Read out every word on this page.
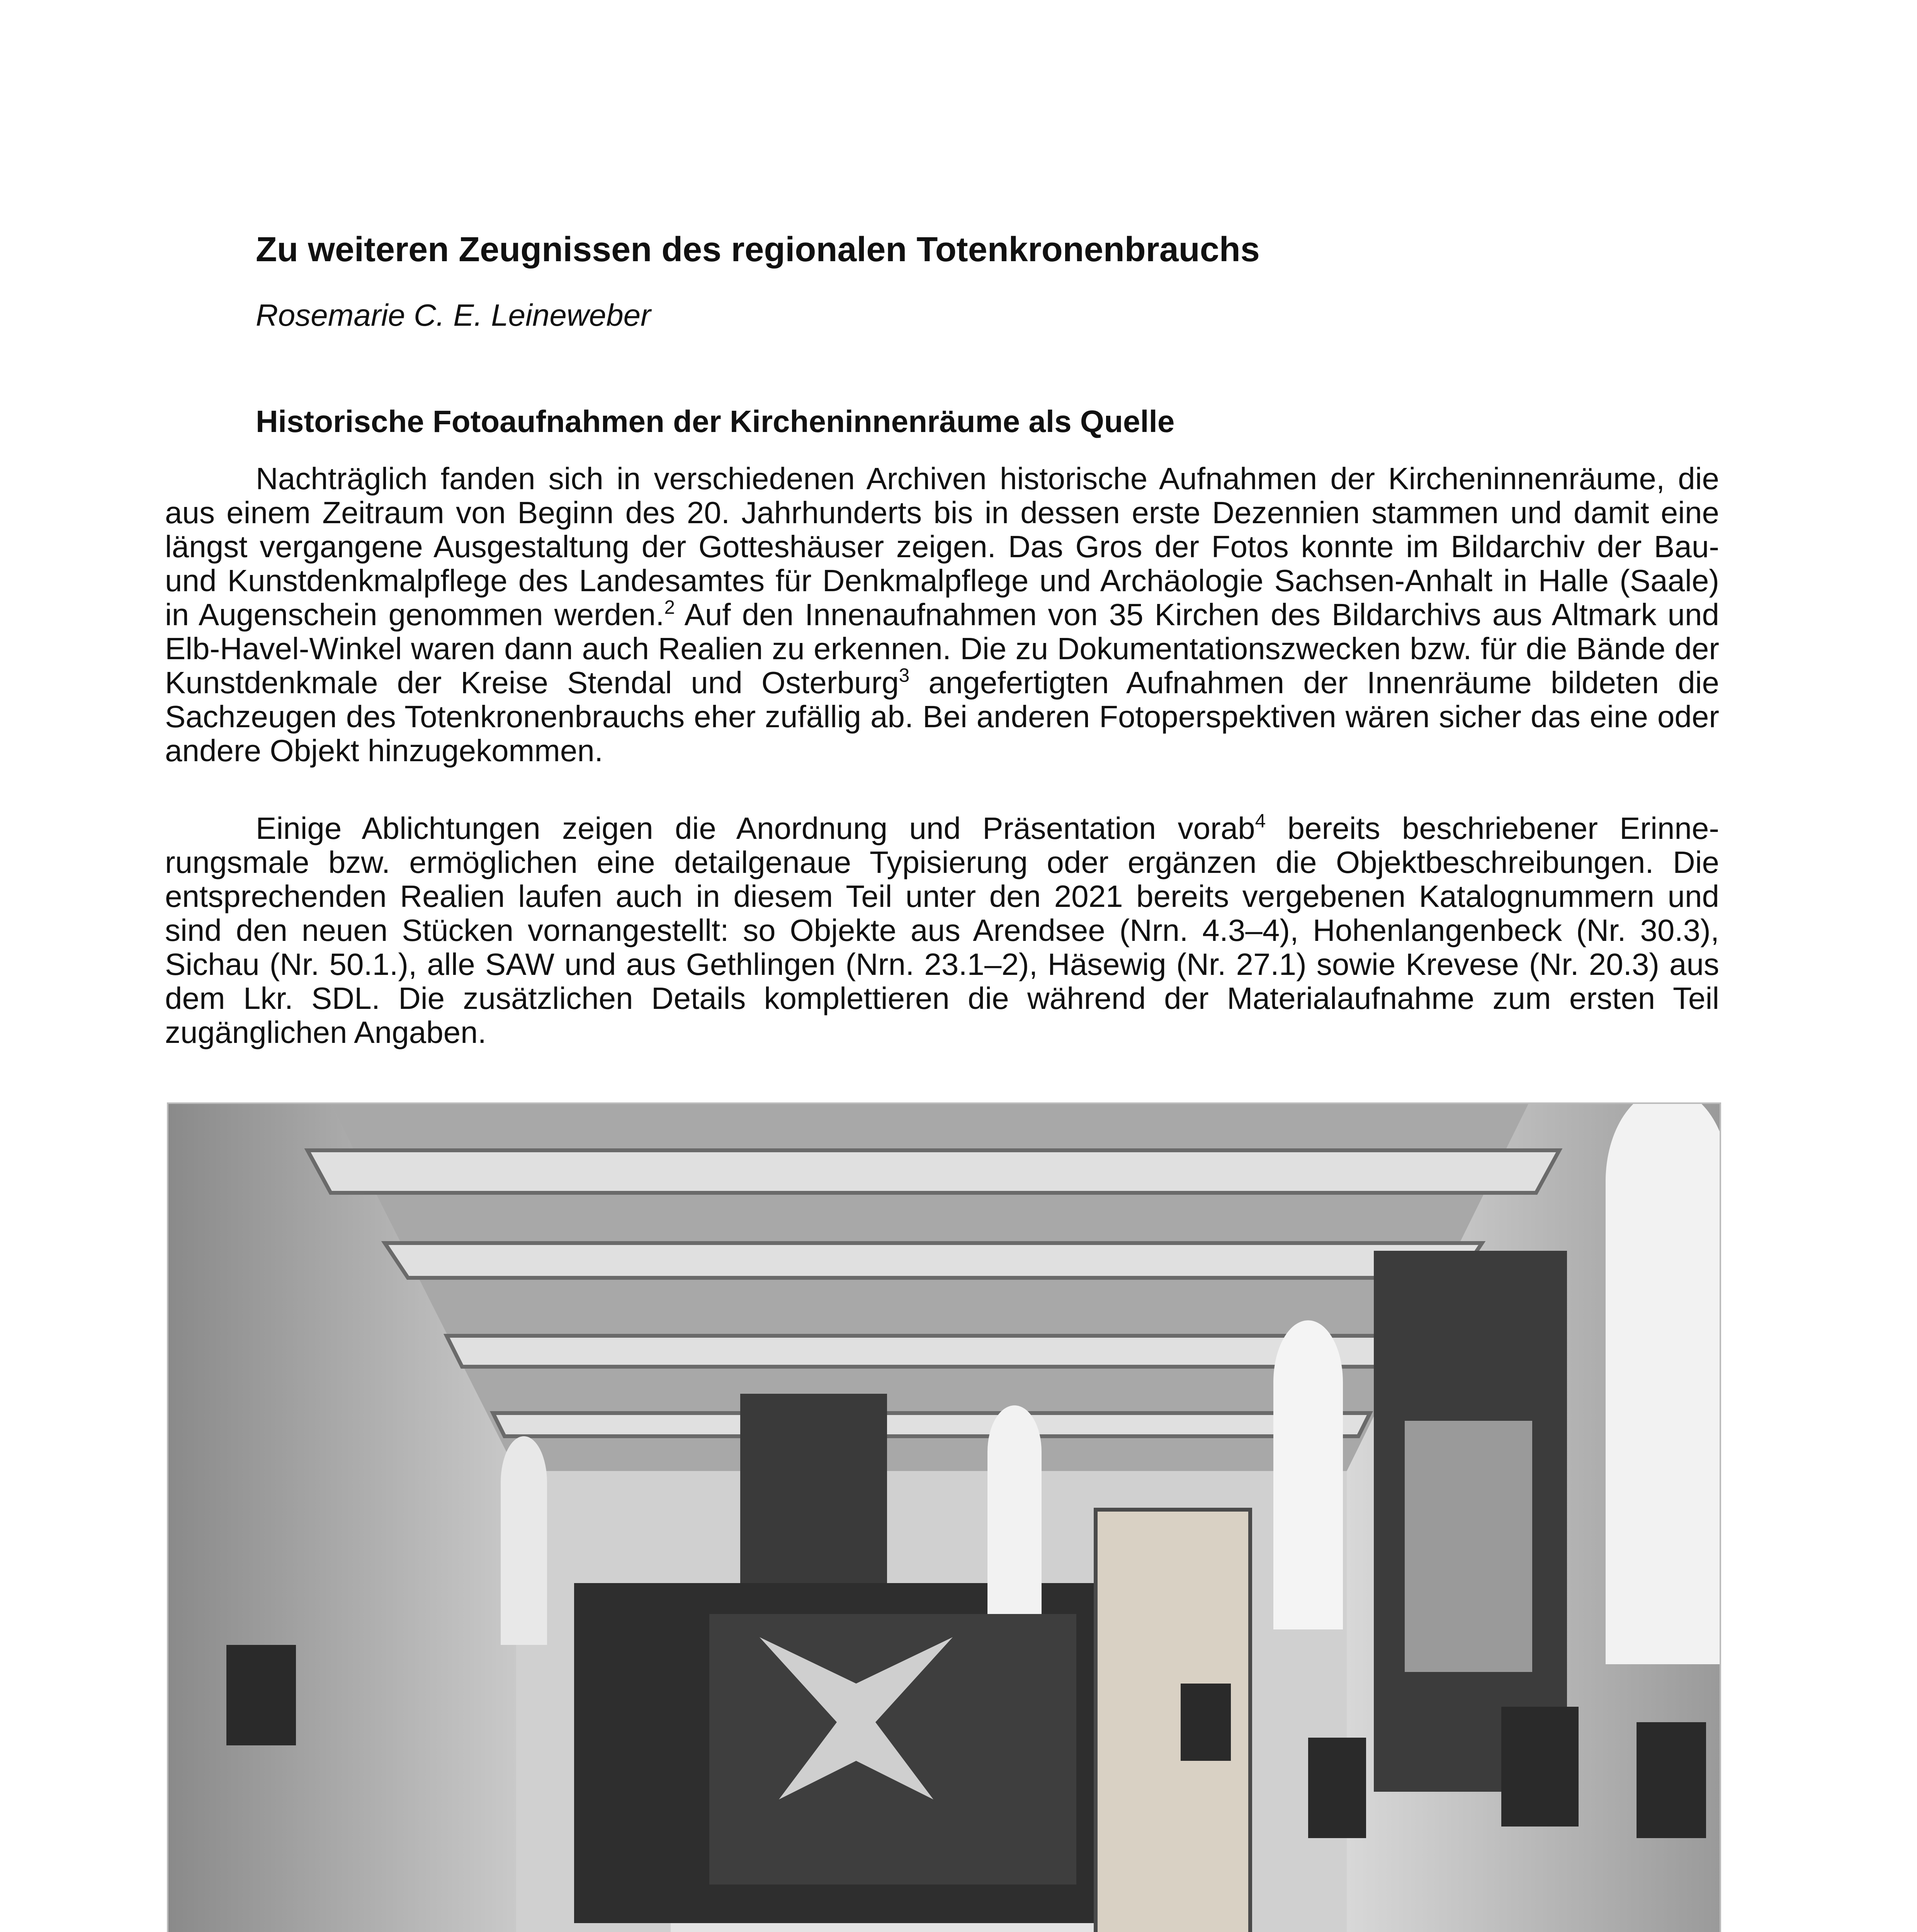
Zu weiteren Zeugnissen des regionalen Totenkronenbrauchs
Rosemarie C. E. Leineweber
Historische Fotoaufnahmen der Kircheninnenräume als Quelle

Nachträglich fanden sich in verschiedenen Archiven historische Aufnahmen der Kircheninnenräume, die aus einem Zeitraum von Beginn des 20. Jahrhunderts bis in dessen erste Dezennien stammen und damit eine längst vergangene Ausgestaltung der Gotteshäuser zeigen. Das Gros der Fotos konnte im Bildarchiv der Bau- und Kunstdenkmalpflege des Landesamtes für Denkmalpflege und Archäologie Sachsen-Anhalt in Halle (Saale) in Augenschein genommen werden.$^2$ Auf den Innenaufnahmen von 35 Kirchen des Bildarchivs aus Altmark und Elb-Havel-Winkel waren dann auch Realien zu erkennen. Die zu Dokumentationszwecken bzw. für die Bände der Kunstdenkmale der Kreise Stendal und Osterburg$^3$ angefertigten Aufnahmen der Innenräume bildeten die Sachzeugen des Totenkronenbrauchs eher zufällig ab. Bei anderen Fotoperspektiven wären sicher das eine oder andere Objekt hinzugekommen.

Einige Ablichtungen zeigen die Anordnung und Präsentation vorab$^4$ bereits beschriebener Erinnerungsmale bzw. ermöglichen eine detailgenaue Typisierung oder ergänzen die Objektbeschreibungen. Die entsprechenden Realien laufen auch in diesem Teil unter den 2021 bereits vergebenen Katalognummern und sind den neuen Stücken vornangestellt: so Objekte aus Arendsee (Nrn. 4.3–4), Hohenlangenbeck (Nr. 30.3), Sichau (Nr. 50.1.), alle SAW und aus Gethlingen (Nrn. 23.1–2), Häsewig (Nr. 27.1) sowie Krevese (Nr. 20.3) aus dem Lkr. SDL. Die zusätzlichen Details komplettieren die während der Materialaufnahme zum ersten Teil zugänglichen Angaben.
